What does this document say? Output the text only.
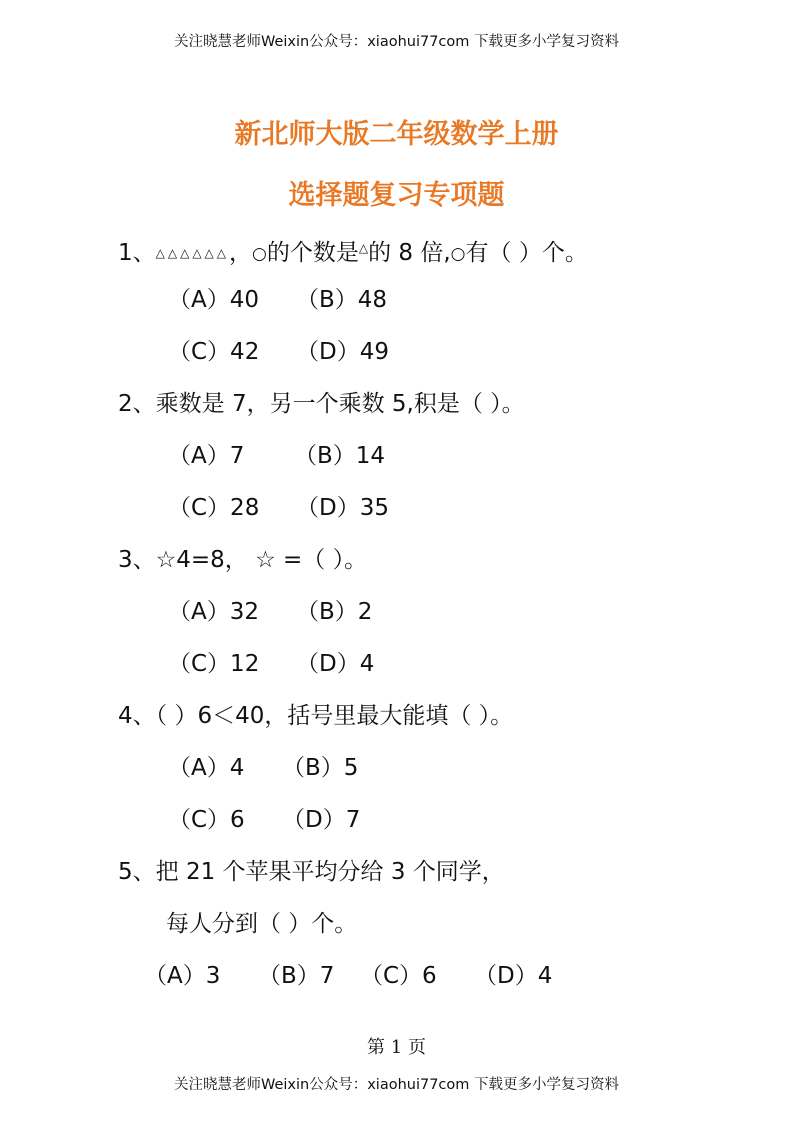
关注晓慧老师Weixin公众号：xiaohui77com 下载更多小学复习资料
新北师大版二年级数学上册
选择题复习专项题
1、△△△△△△，○的个数是△的 8 倍,○有（ ）个。
（A）40 （B）48
（C）42 （D）49
2、乘数是 7，另一个乘数 5,积是（ ）。
（A）7 （B）14
（C）28 （D）35
3、☆4=8， ☆ =（ ）。
（A）32 （B）2
（C）12 （D）4
4、（ ）6＜40，括号里最大能填（ ）。
（A）4 （B）5
（C）6 （D）7
5、把 21 个苹果平均分给 3 个同学，
每人分到（ ）个。
（A）3 （B）7 （C）6 （D）4
第 1 页
关注晓慧老师Weixin公众号：xiaohui77com 下载更多小学复习资料
